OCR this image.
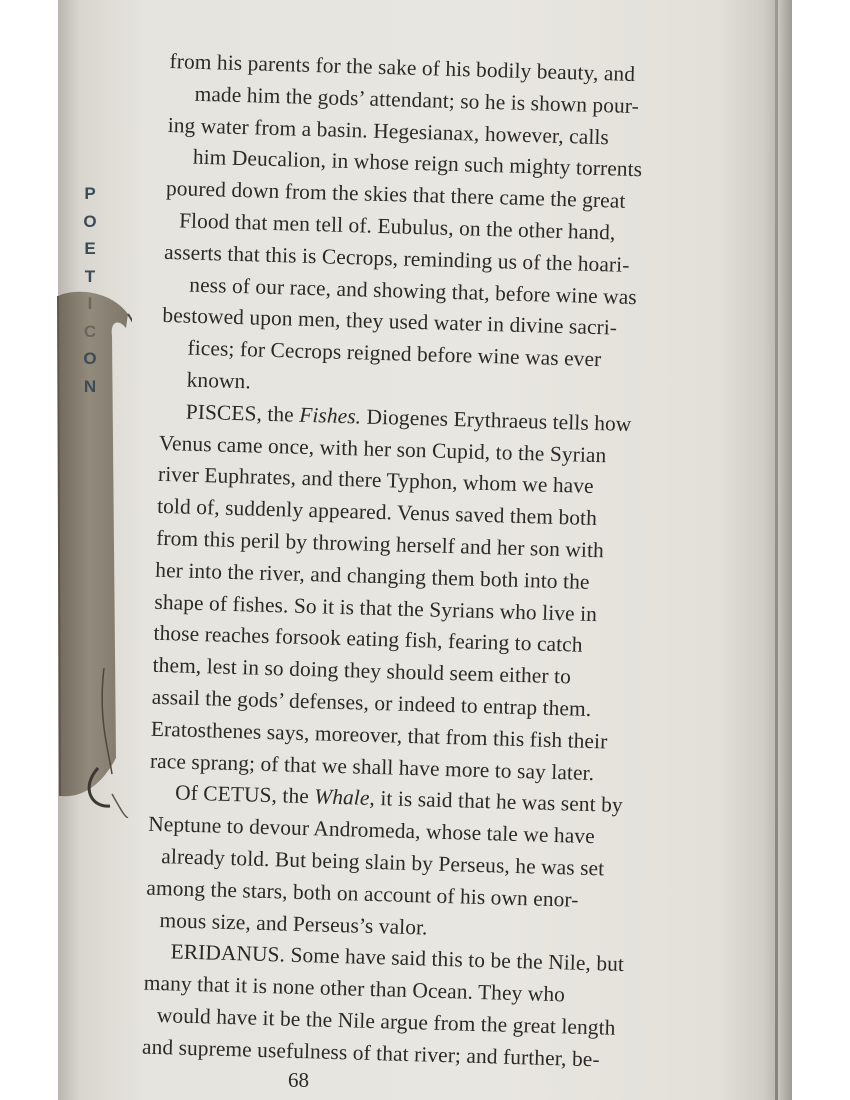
from his parents for the sake of his bodily beauty, and
made him the gods’ attendant; so he is shown pour-
ing water from a basin. Hegesianax, however, calls
him Deucalion, in whose reign such mighty torrents
poured down from the skies that there came the great
Flood that men tell of. Eubulus, on the other hand,
asserts that this is Cecrops, reminding us of the hoari-
ness of our race, and showing that, before wine was
bestowed upon men, they used water in divine sacri-
fices; for Cecrops reigned before wine was ever
known.
PISCES, the Fishes. Diogenes Erythraeus tells how
Venus came once, with her son Cupid, to the Syrian
river Euphrates, and there Typhon, whom we have
told of, suddenly appeared. Venus saved them both
from this peril by throwing herself and her son with
her into the river, and changing them both into the
shape of fishes. So it is that the Syrians who live in
those reaches forsook eating fish, fearing to catch
them, lest in so doing they should seem either to
assail the gods’ defenses, or indeed to entrap them.
Eratosthenes says, moreover, that from this fish their
race sprang; of that we shall have more to say later.
Of CETUS, the Whale, it is said that he was sent by
Neptune to devour Andromeda, whose tale we have
already told. But being slain by Perseus, he was set
among the stars, both on account of his own enor-
mous size, and Perseus’s valor.
ERIDANUS. Some have said this to be the Nile, but
many that it is none other than Ocean. They who
would have it be the Nile argue from the great length
and supreme usefulness of that river; and further, be-
68
P
O
E
T
I
C
O
N
